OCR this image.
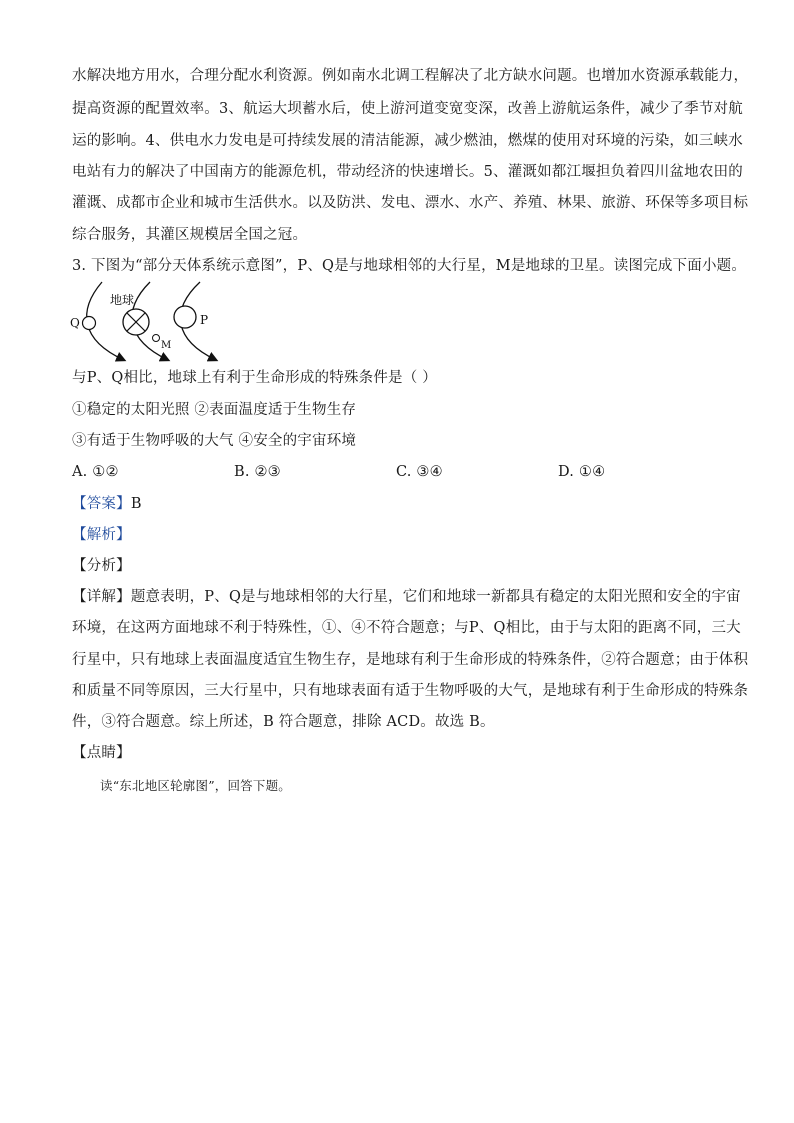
水解决地方用水，合理分配水利资源。例如南水北调工程解决了北方缺水问题。也增加水资源承载能力，
提高资源的配置效率。3、航运大坝蓄水后，使上游河道变宽变深，改善上游航运条件，减少了季节对航
运的影响。4、供电水力发电是可持续发展的清洁能源，减少燃油，燃煤的使用对环境的污染，如三峡水
电站有力的解决了中国南方的能源危机，带动经济的快速增长。5、灌溉如都江堰担负着四川盆地农田的
灌溉、成都市企业和城市生活供水。以及防洪、发电、漂水、水产、养殖、林果、旅游、环保等多项目标
综合服务，其灌区规模居全国之冠。
3. 下图为“部分天体系统示意图”，P、Q是与地球相邻的大行星，M是地球的卫星。读图完成下面小题。
Q
地球
M
P
与P、Q相比，地球上有利于生命形成的特殊条件是（ ）
①稳定的太阳光照 ②表面温度适于生物生存
③有适于生物呼吸的大气 ④安全的宇宙环境
A. ①②	B. ②③	C. ③④	D. ①④
【答案】B
【解析】
【分析】
【详解】题意表明，P、Q是与地球相邻的大行星，它们和地球一新都具有稳定的太阳光照和安全的宇宙
环境，在这两方面地球不利于特殊性，①、④不符合题意；与P、Q相比，由于与太阳的距离不同，三大
行星中，只有地球上表面温度适宜生物生存，是地球有利于生命形成的特殊条件，②符合题意；由于体积
和质量不同等原因，三大行星中，只有地球表面有适于生物呼吸的大气，是地球有利于生命形成的特殊条
件，③符合题意。综上所述，B 符合题意，排除 ACD。故选 B。
【点睛】
读“东北地区轮廓图”，回答下题。
